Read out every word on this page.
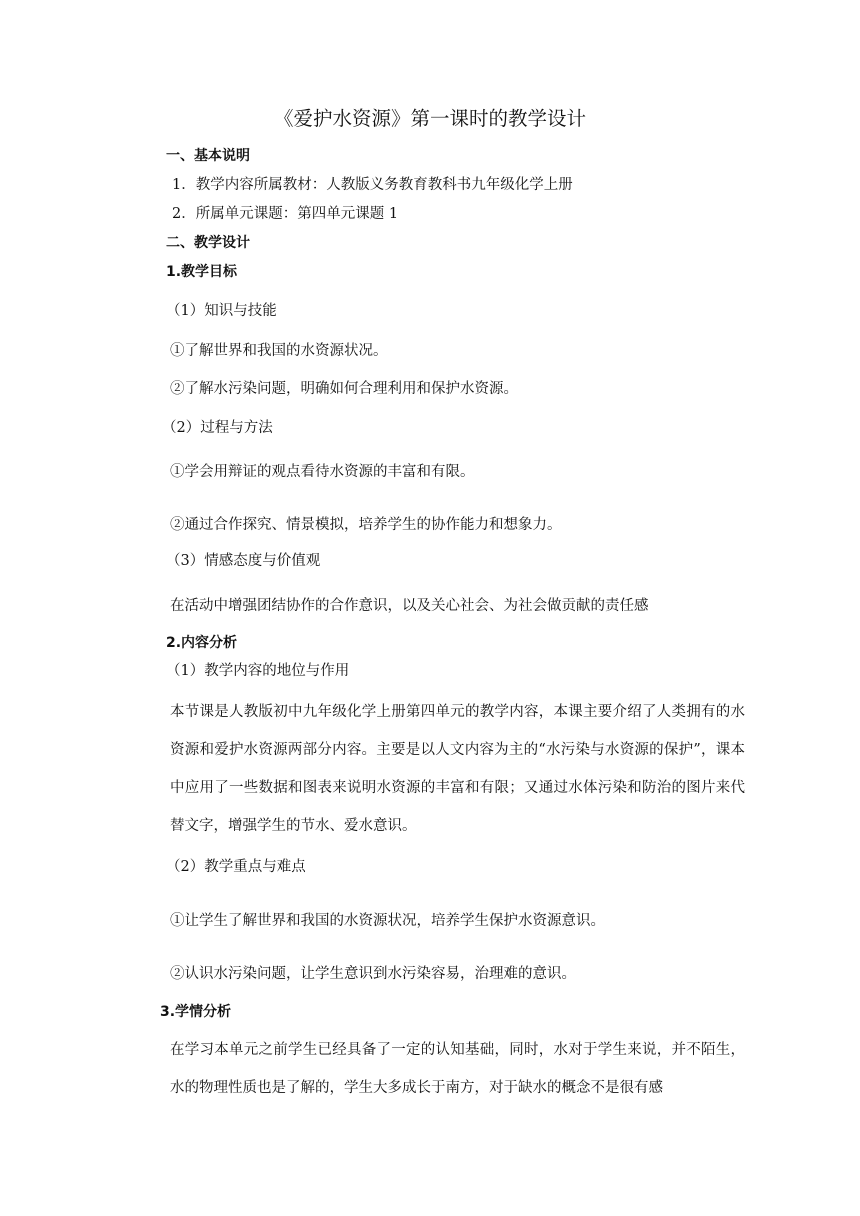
《爱护水资源》第一课时的教学设计
一、基本说明
1．教学内容所属教材：人教版义务教育教科书九年级化学上册
2．所属单元课题：第四单元课题 1
二、教学设计
1.教学目标
（1）知识与技能
①了解世界和我国的水资源状况。
②了解水污染问题，明确如何合理利用和保护水资源。
（2）过程与方法
①学会用辩证的观点看待水资源的丰富和有限。
②通过合作探究、情景模拟，培养学生的协作能力和想象力。
（3）情感态度与价值观
在活动中增强团结协作的合作意识，以及关心社会、为社会做贡献的责任感
2.内容分析
（1）教学内容的地位与作用

本节课是人教版初中九年级化学上册第四单元的教学内容，本课主要介绍了人类拥有的水资源和爱护水资源两部分内容。主要是以人文内容为主的“水污染与水资源的保护”，课本中应用了一些数据和图表来说明水资源的丰富和有限；又通过水体污染和防治的图片来代替文字，增强学生的节水、爱水意识。

（2）教学重点与难点
①让学生了解世界和我国的水资源状况，培养学生保护水资源意识。
②认识水污染问题，让学生意识到水污染容易，治理难的意识。
3.学情分析

在学习本单元之前学生已经具备了一定的认知基础，同时，水对于学生来说，并不陌生，水的物理性质也是了解的，学生大多成长于南方，对于缺水的概念不是很有感
